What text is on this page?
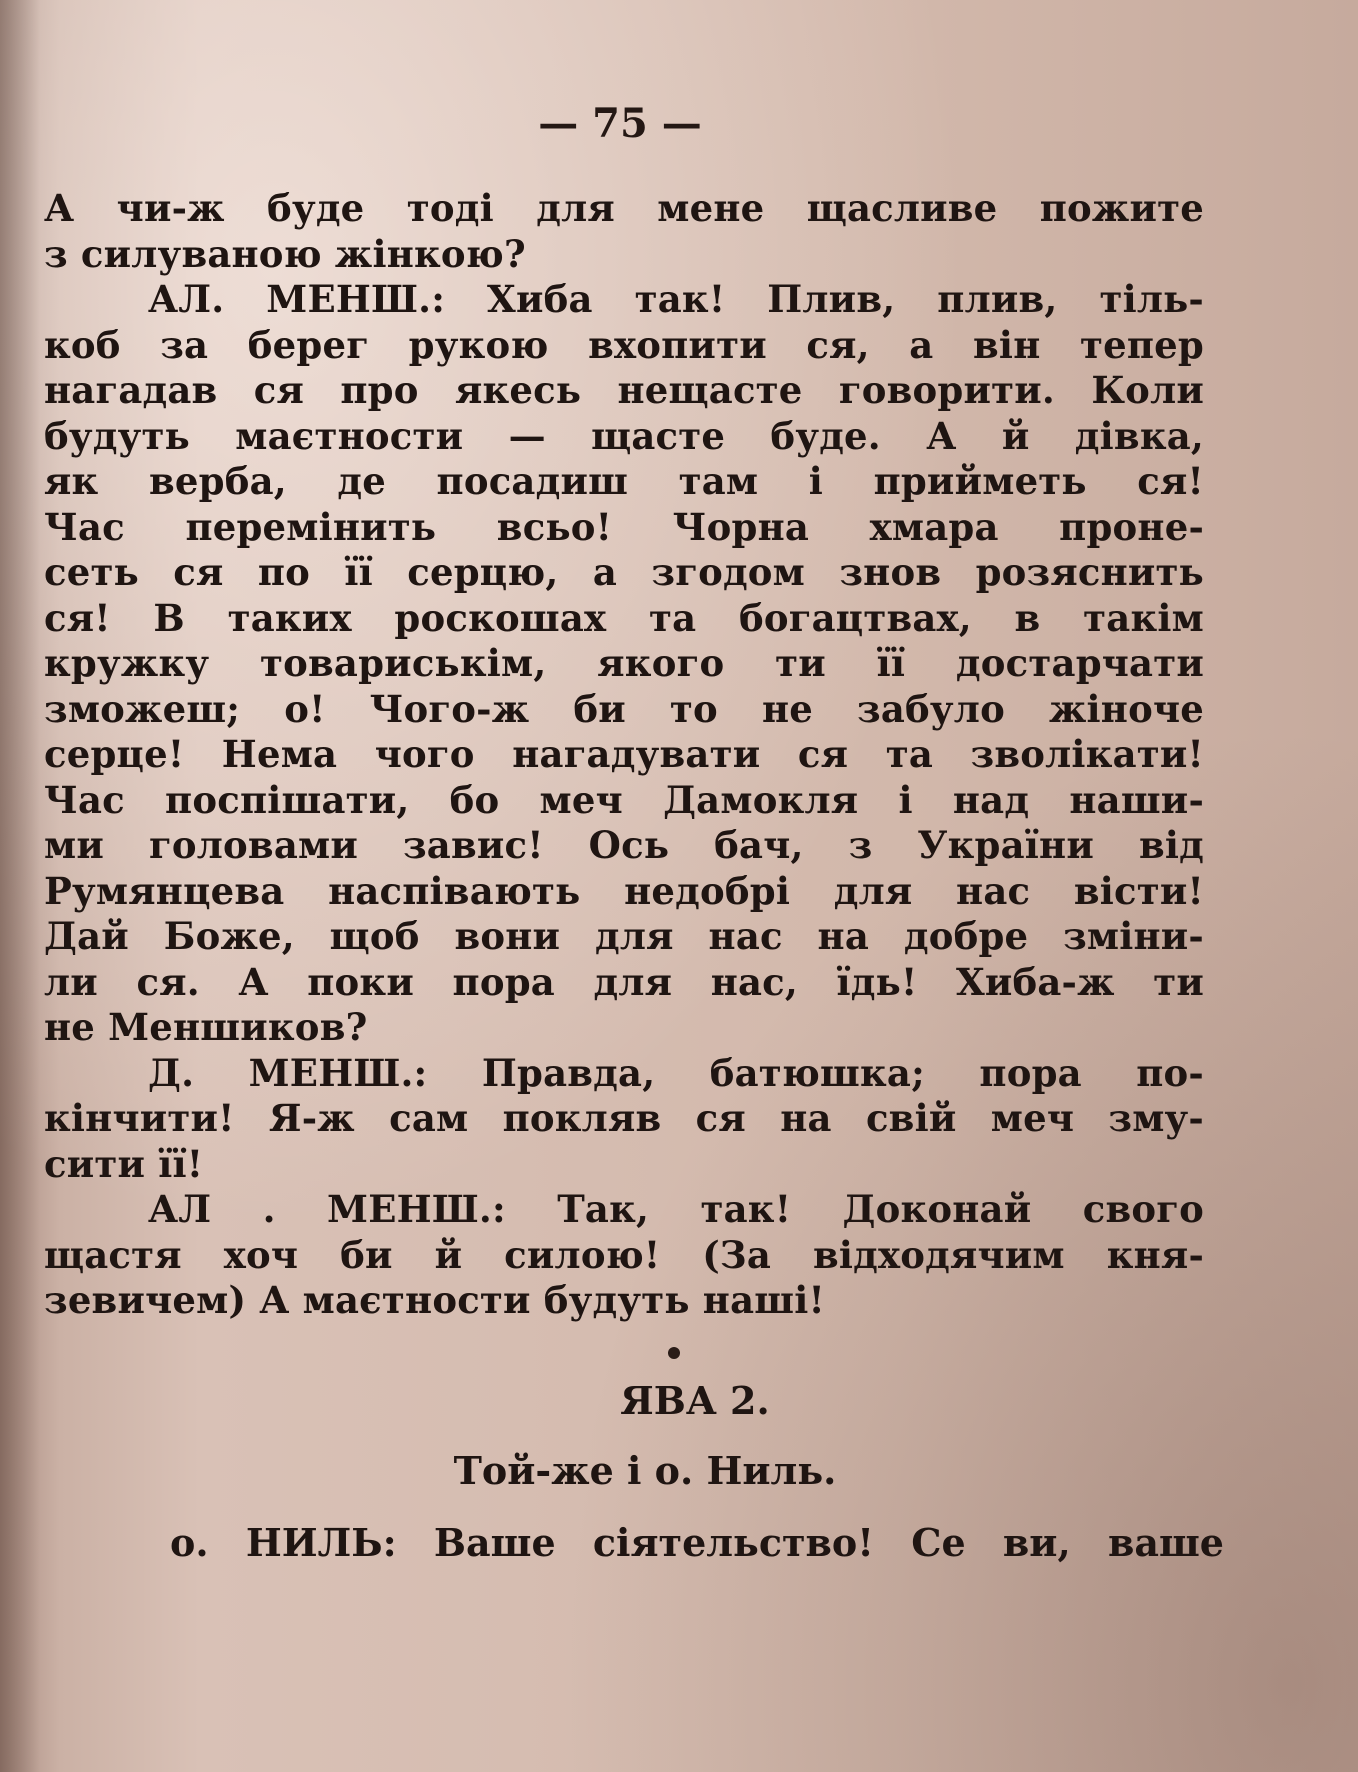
— 75 —
А чи-ж буде тоді для мене щасливе пожите
з силуваною жінкою?
АЛ. МЕНШ.: Хиба так! Плив, плив, тіль-
коб за берег рукою вхопити ся, а він тепер
нагадав ся про якесь нещасте говорити. Коли
будуть маєтности — щасте буде. А й дівка,
як верба, де посадиш там і прийметь ся!
Час перемінить всьо! Чорна хмара проне-
сеть ся по її серцю, а згодом знов розяснить
ся! В таких роскошах та богацтвах, в такім
кружку товариськім, якого ти її достарчати
зможеш; о! Чого-ж би то не забуло жіноче
серце! Нема чого нагадувати ся та зволікати!
Час поспішати, бо меч Дамокля і над наши-
ми головами завис! Ось бач, з України від
Румянцева наспівають недобрі для нас вісти!
Дай Боже, щоб вони для нас на добре зміни-
ли ся. А поки пора для нас, їдь! Хиба-ж ти
не Меншиков?
Д. МЕНШ.: Правда, батюшка; пора по-
кінчити! Я-ж сам покляв ся на свій меч зму-
сити її!
АЛ . МЕНШ.: Так, так! Доконай свого
щастя хоч би й силою! (За відходячим кня-
зевичем) А маєтности будуть наші!
ЯВА 2.
Той-же і о. Ниль.
о. НИЛЬ: Ваше сіятельство! Се ви, ваше
